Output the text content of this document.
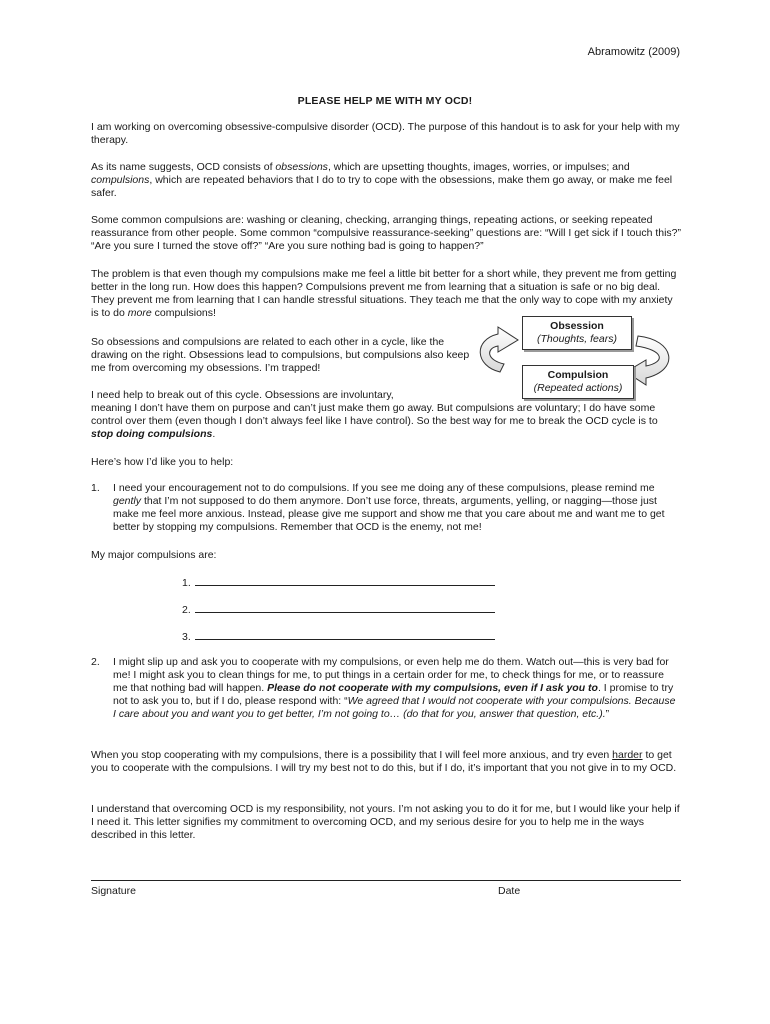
Abramowitz (2009)
PLEASE HELP ME WITH MY OCD!

I am working on overcoming obsessive-compulsive disorder (OCD). The purpose of this handout is to ask for your help with my therapy.

As its name suggests, OCD consists of obsessions, which are upsetting thoughts, images, worries, or impulses; and compulsions, which are repeated behaviors that I do to try to cope with the obsessions, make them go away, or make me feel safer.

Some common compulsions are: washing or cleaning, checking, arranging things, repeating actions, or seeking repeated reassurance from other people. Some common “compulsive reassurance-seeking” questions are: “Will I get sick if I touch this?” “Are you sure I turned the stove off?” “Are you sure nothing bad is going to happen?”

The problem is that even though my compulsions make me feel a little bit better for a short while, they prevent me from getting better in the long run. How does this happen? Compulsions prevent me from learning that a situation is safe or no big deal. They prevent me from learning that I can handle stressful situations. They teach me that the only way to cope with my anxiety is to do more compulsions!

So obsessions and compulsions are related to each other in a cycle, like the drawing on the right. Obsessions lead to compulsions, but compulsions also keep me from overcoming my obsessions. I’m trapped!

I need help to break out of this cycle. Obsessions are involuntary,

meaning I don’t have them on purpose and can’t just make them go away. But compulsions are voluntary; I do have some control over them (even though I don’t always feel like I have control). So the best way for me to break the OCD cycle is to stop doing compulsions.

Obsession
(Thoughts, fears)
Compulsion
(Repeated actions)

Here’s how I’d like you to help:

1. I need your encouragement not to do compulsions. If you see me doing any of these compulsions, please remind me gently that I’m not supposed to do them anymore. Don’t use force, threats, arguments, yelling, or nagging—those just make me feel more anxious. Instead, please give me support and show me that you care about me and want me to get better by stopping my compulsions. Remember that OCD is the enemy, not me!

My major compulsions are:

1.
2.
3.
2. I might slip up and ask you to cooperate with my compulsions, or even help me do them. Watch out—this is very bad for me! I might ask you to clean things for me, to put things in a certain order for me, to check things for me, or to reassure me that nothing bad will happen. Please do not cooperate with my compulsions, even if I ask you to. I promise to try not to ask you to, but if I do, please respond with: “We agreed that I would not cooperate with your compulsions. Because I care about you and want you to get better, I’m not going to… (do that for you, answer that question, etc.).”

When you stop cooperating with my compulsions, there is a possibility that I will feel more anxious, and try even harder to get you to cooperate with the compulsions. I will try my best not to do this, but if I do, it’s important that you not give in to my OCD.

I understand that overcoming OCD is my responsibility, not yours. I’m not asking you to do it for me, but I would like your help if I need it. This letter signifies my commitment to overcoming OCD, and my serious desire for you to help me in the ways described in this letter.

Signature	Date
